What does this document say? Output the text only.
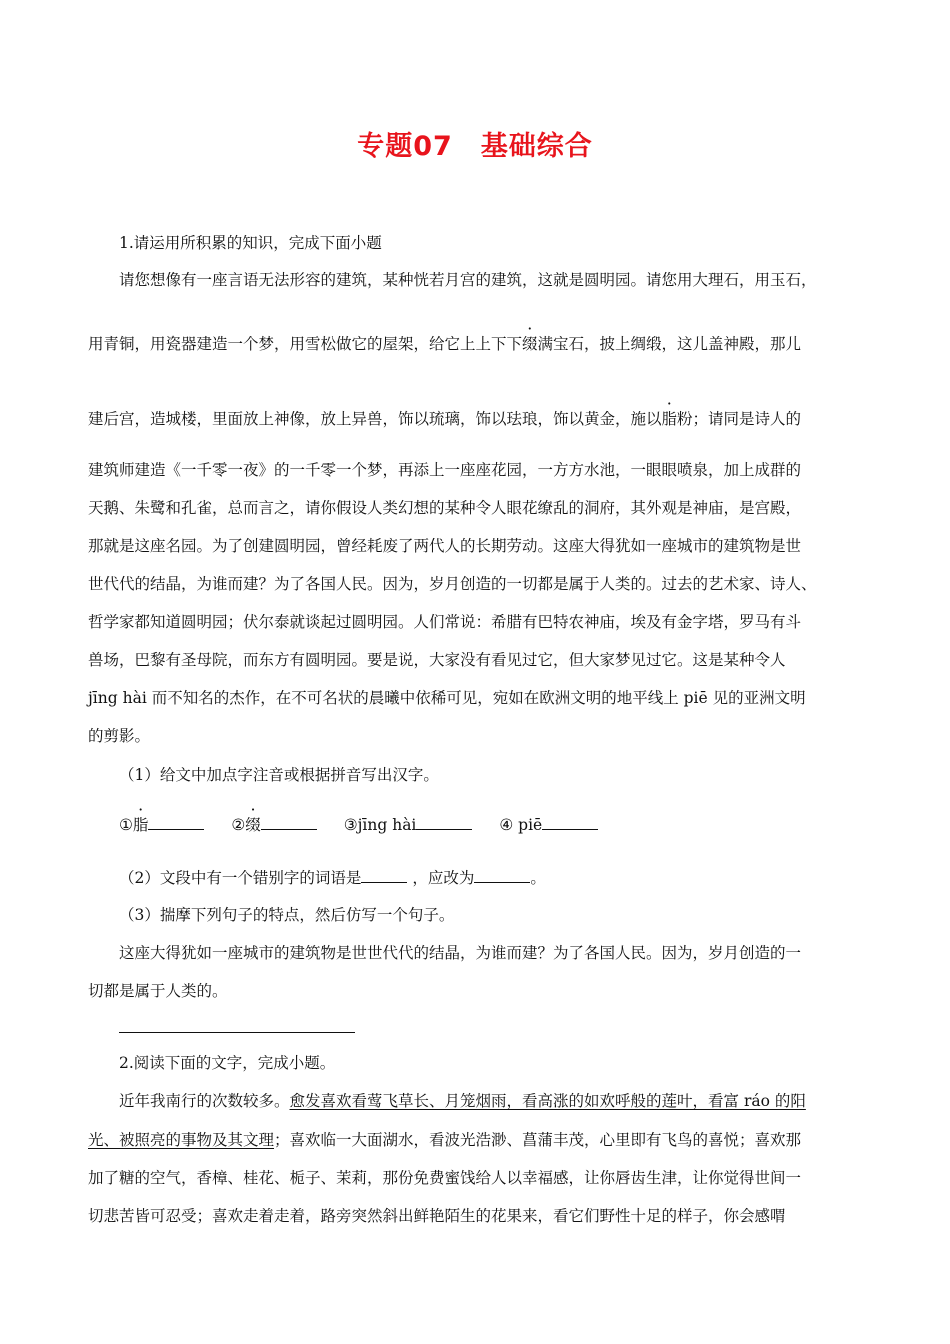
专题07　基础综合
1.请运用所积累的知识，完成下面小题
请您想像有一座言语无法形容的建筑，某种恍若月宫的建筑，这就是圆明园。请您用大理石，用玉石，
用青铜，用瓷器建造一个梦，用雪松做它的屋架，给它上上下下缀满宝石，披上绸缎，这儿盖神殿，那儿
建后宫，造城楼，里面放上神像，放上异兽，饰以琉璃，饰以珐琅，饰以黄金，施以脂粉；请同是诗人的
建筑师建造《一千零一夜》的一千零一个梦，再添上一座座花园，一方方水池，一眼眼喷泉，加上成群的
天鹅、朱鹭和孔雀，总而言之，请你假设人类幻想的某种令人眼花缭乱的洞府，其外观是神庙，是宫殿，
那就是这座名园。为了创建圆明园，曾经耗废了两代人的长期劳动。这座大得犹如一座城市的建筑物是世
世代代的结晶，为谁而建？为了各国人民。因为，岁月创造的一切都是属于人类的。过去的艺术家、诗人、
哲学家都知道圆明园；伏尔泰就谈起过圆明园。人们常说：希腊有巴特农神庙，埃及有金字塔，罗马有斗
兽场，巴黎有圣母院，而东方有圆明园。要是说，大家没有看见过它，但大家梦见过它。这是某种令人
jīng hài 而不知名的杰作，在不可名状的晨曦中依稀可见，宛如在欧洲文明的地平线上 piē 见的亚洲文明
的剪影。
（1）给文中加点字注音或根据拼音写出汉字。
①脂	②缀	③jīng hài	④ piē
（2）文段中有一个错别字的词语是	，应改为	。
（3）揣摩下列句子的特点，然后仿写一个句子。
这座大得犹如一座城市的建筑物是世世代代的结晶，为谁而建？为了各国人民。因为，岁月创造的一
切都是属于人类的。
2.阅读下面的文字，完成小题。
近年我南行的次数较多。愈发喜欢看莺飞草长、月笼烟雨，看高涨的如欢呼般的莲叶，看富 ráo 的阳
光、被照亮的事物及其文理；喜欢临一大面湖水，看波光浩渺、菖蒲丰茂，心里即有飞鸟的喜悦；喜欢那
加了糖的空气，香樟、桂花、栀子、茉莉，那份免费蜜饯给人以幸福感，让你唇齿生津，让你觉得世间一
切悲苦皆可忍受；喜欢走着走着，路旁突然斜出鲜艳陌生的花果来，看它们野性十足的样子，你会感喟
